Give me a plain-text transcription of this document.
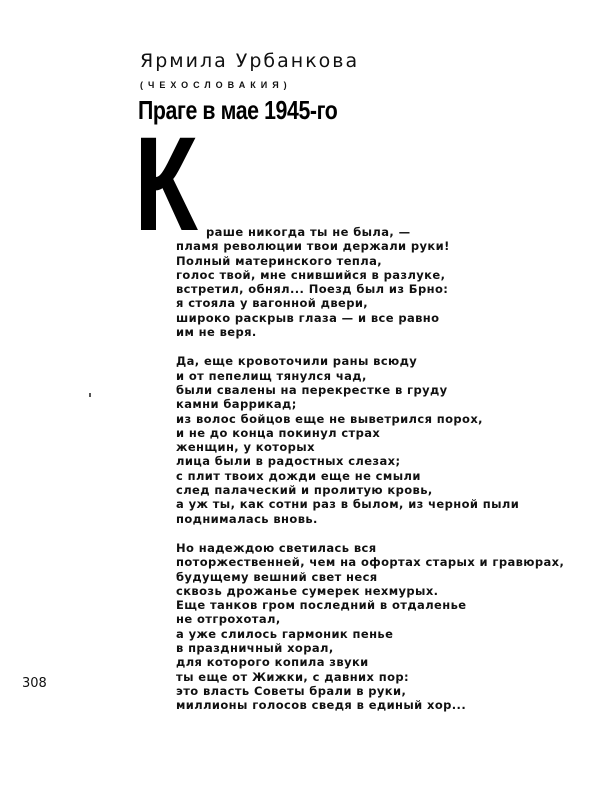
Ярмила Урбанкова
(ЧЕХОСЛОВАКИЯ)
Праге в мае 1945-го
К раше никогда ты не была, —
пламя революции твои держали руки!
Полный материнского тепла,
голос твой, мне снившийся в разлуке,
встретил, обнял... Поезд был из Брно:
я стояла у вагонной двери,
широко раскрыв глаза — и все равно
им не веря.
Да, еще кровоточили раны всюду
и от пепелищ тянулся чад,
были свалены на перекрестке в груду
камни баррикад;
из волос бойцов еще не выветрился порох,
и не до конца покинул страх
женщин, у которых
лица были в радостных слезах;
с плит твоих дожди еще не смыли
след палаческий и пролитую кровь,
а уж ты, как сотни раз в былом, из черной пыли
поднималась вновь.
Но надеждою светилась вся
поторжественней, чем на офортах старых и гравюрах,
будущему вешний свет неся
сквозь дрожанье сумерек нехмурых.
Еще танков гром последний в отдаленье
не отгрохотал,
а уже слилось гармоник пенье
в праздничный хорал,
для которого копила звуки
ты еще от Жижки, с давних пор:
это власть Советы брали в руки,
миллионы голосов сведя в единый хор...
308
